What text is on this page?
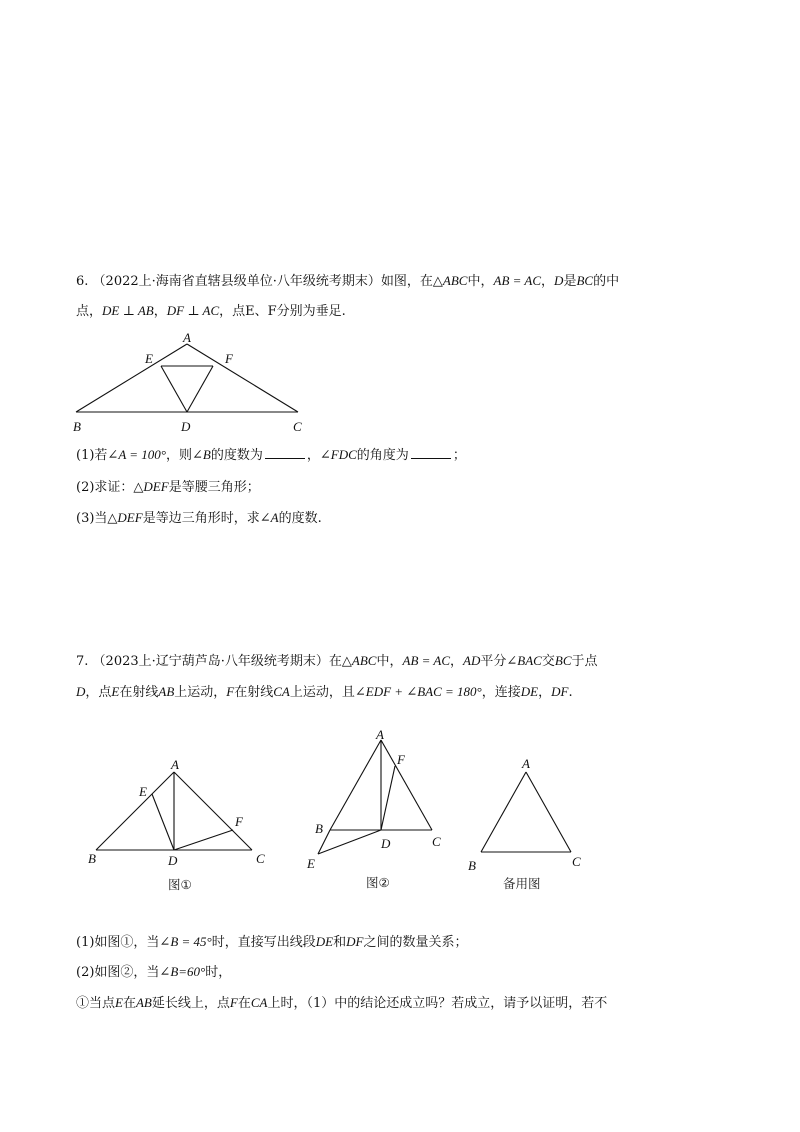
6. （2022上·海南省直辖县级单位·八年级统考期末）如图，在△ABC中，AB = AC，D是BC的中
点，DE ⊥ AB，DF ⊥ AC，点E、F分别为垂足.
A
E	F
B	D	C
(1)若∠A = 100°，则∠B的度数为	，∠FDC的角度为	；
(2)求证：△DEF是等腰三角形；
(3)当△DEF是等边三角形时，求∠A的度数.
7. （2023上·辽宁葫芦岛·八年级统考期末）在△ABC中，AB = AC，AD平分∠BAC交BC于点
D，点E在射线AB上运动，F在射线CA上运动，且∠EDF + ∠BAC = 180°，连接DE，DF.
A
E
F
B	D	C
图①
A
F
B
D	C
E
图②
A
B	C
备用图
(1)如图①，当∠B = 45°时，直接写出线段DE和DF之间的数量关系；
(2)如图②，当∠B=60°时，
①当点E在AB延长线上，点F在CA上时，（1）中的结论还成立吗？若成立，请予以证明，若不
